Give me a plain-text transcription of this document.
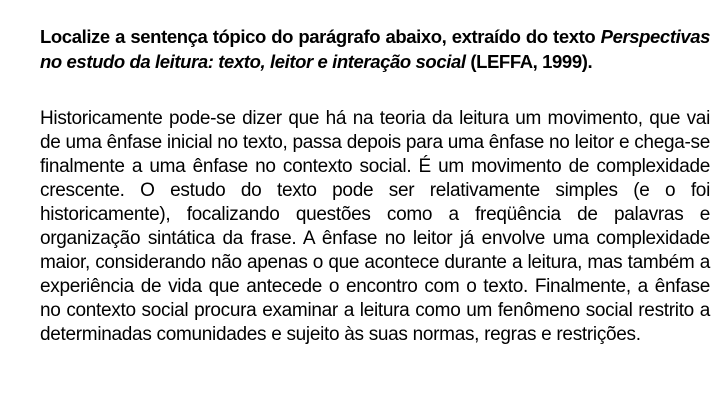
Localize a sentença tópico do parágrafo abaixo, extraído do texto Perspectivas no estudo da leitura: texto, leitor e interação social (LEFFA, 1999).

Historicamente pode-se dizer que há na teoria da leitura um movimento, que vai de uma ênfase inicial no texto, passa depois para uma ênfase no leitor e chega-se finalmente a uma ênfase no contexto social. É um movimento de complexidade crescente. O estudo do texto pode ser relativamente simples (e o foi historicamente), focalizando questões como a freqüência de palavras e organização sintática da frase. A ênfase no leitor já envolve uma complexidade maior, considerando não apenas o que acontece durante a leitura, mas também a experiência de vida que antecede o encontro com o texto. Finalmente, a ênfase no contexto social procura examinar a leitura como um fenômeno social restrito a determinadas comunidades e sujeito às suas normas, regras e restrições.
